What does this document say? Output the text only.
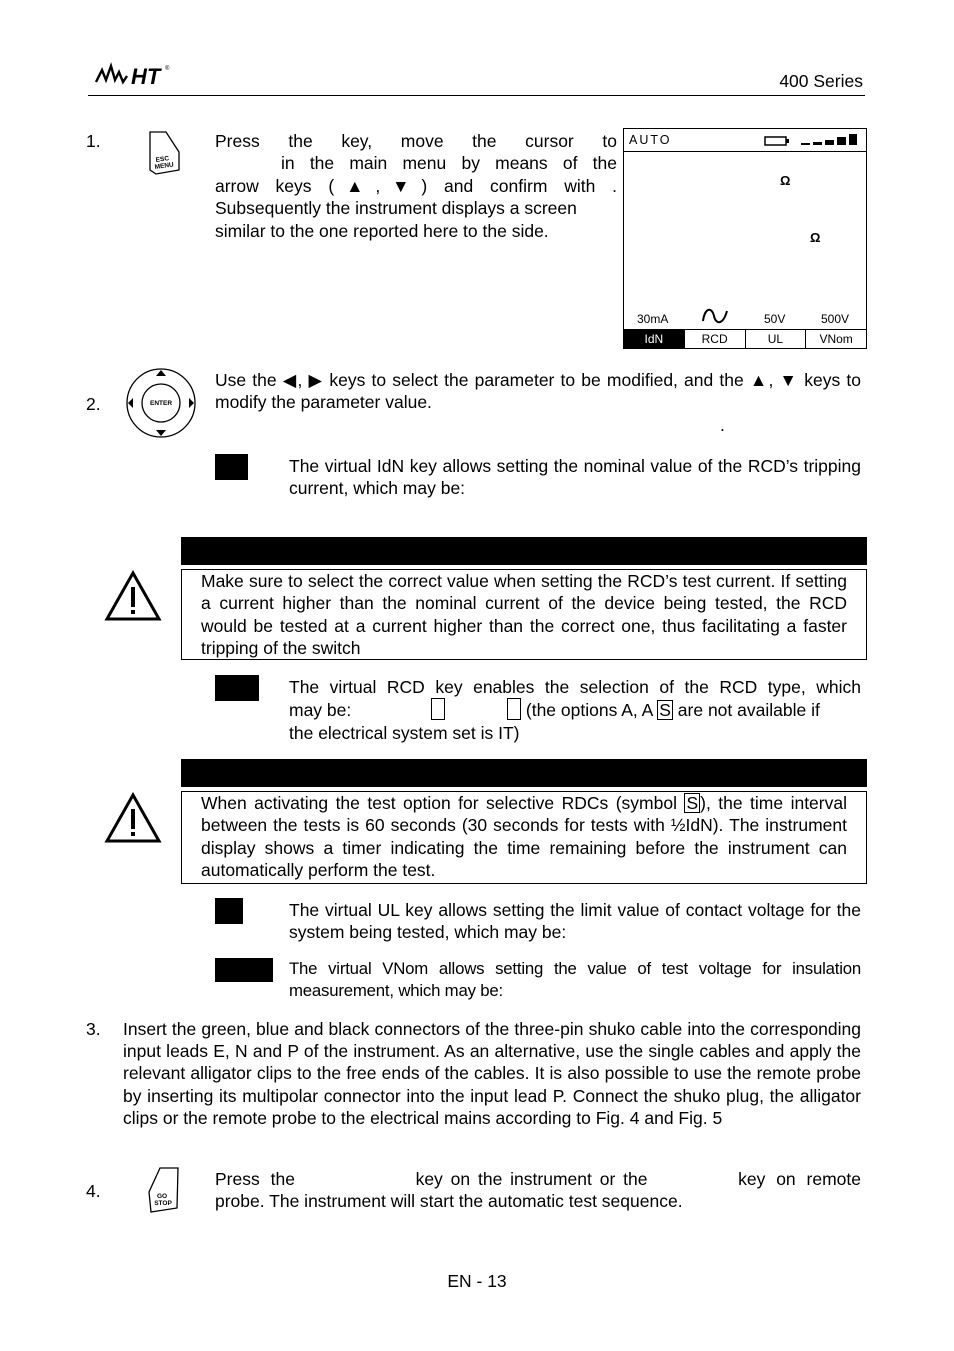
HT ®
400 Series
1.
ESC
MENU
Press the key, move the cursor to
in the main menu by means of the
arrow keys (▲,▼) and confirm with .
Subsequently the instrument displays a screen
similar to the one reported here to the side.
AUTO
Ω
Ω
30mA	50V	500V
IdN	RCD	UL	VNom
2.	ENTER
Use the ◀, ▶ keys to select the parameter to be modified, and the ▲, ▼ keys to modify the parameter value.
.
The virtual IdN key allows setting the nominal value of the RCD’s tripping current, which may be:
Make sure to select the correct value when setting the RCD’s test current. If setting a current higher than the nominal current of the device being tested, the RCD would be tested at a current higher than the correct one, thus facilitating a faster tripping of the switch
The virtual RCD key enables the selection of the RCD type, which
may be:	(the options A, A S are not available if
the electrical system set is IT)
When activating the test option for selective RDCs (symbol S ), the time interval between the tests is 60 seconds (30 seconds for tests with ½IdN). The instrument display shows a timer indicating the time remaining before the instrument can automatically perform the test.
The virtual UL key allows setting the limit value of contact voltage for the system being tested, which may be:
The virtual VNom allows setting the value of test voltage for insulation measurement, which may be:
3. Insert the green, blue and black connectors of the three-pin shuko cable into the corresponding input leads E, N and P of the instrument. As an alternative, use the single cables and apply the relevant alligator clips to the free ends of the cables. It is also possible to use the remote probe by inserting its multipolar connector into the input lead P. Connect the shuko plug, the alligator clips or the remote probe to the electrical mains according to Fig. 4 and Fig. 5
4.	GO
STOP
Press the	key on the instrument or the	key on remote
probe. The instrument will start the automatic test sequence.
EN - 13
